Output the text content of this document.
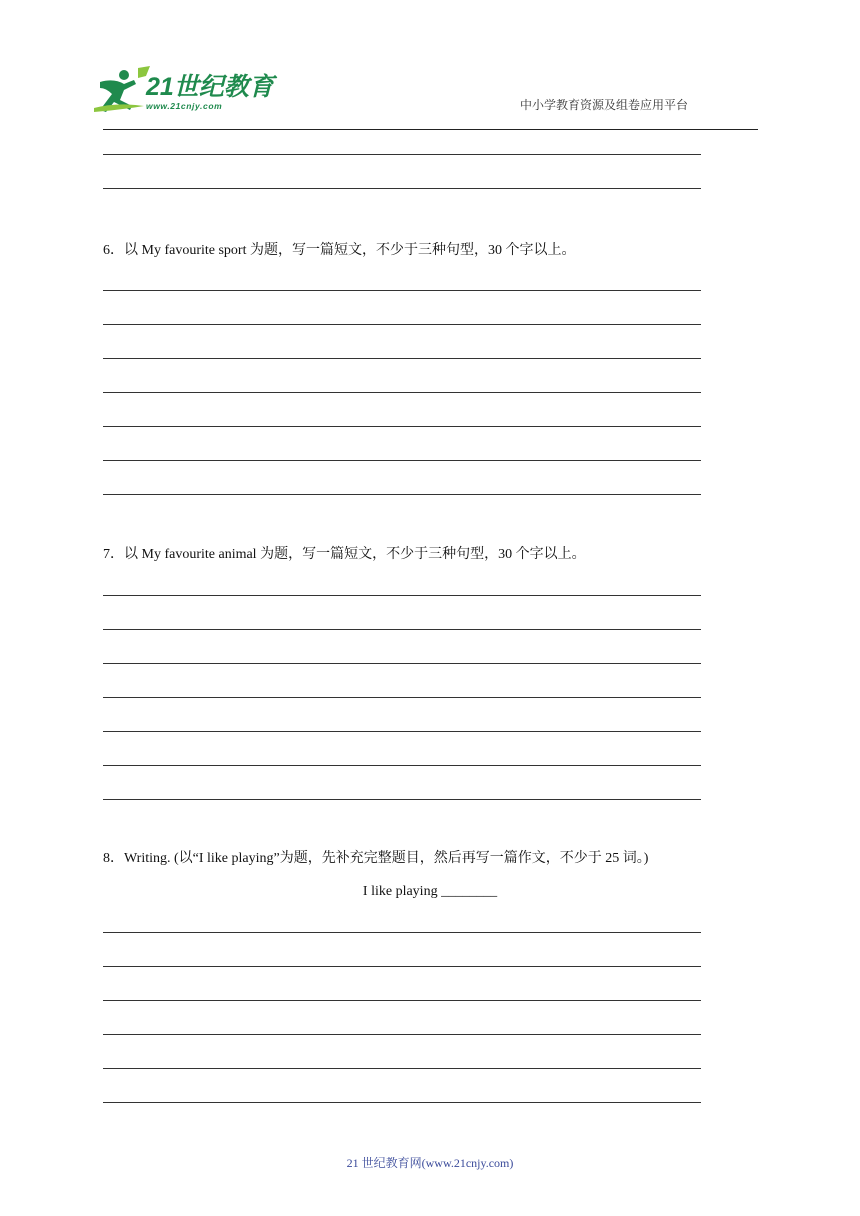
21世纪教育
www.21cnjy.com	中小学教育资源及组卷应用平台
6．以 My favourite sport 为题，写一篇短文，不少于三种句型，30 个字以上。
7．以 My favourite animal 为题，写一篇短文，不少于三种句型，30 个字以上。
8．Writing. (以“I like playing”为题，先补充完整题目，然后再写一篇作文，不少于 25 词。)
I like playing ________
21 世纪教育网(www.21cnjy.com)
